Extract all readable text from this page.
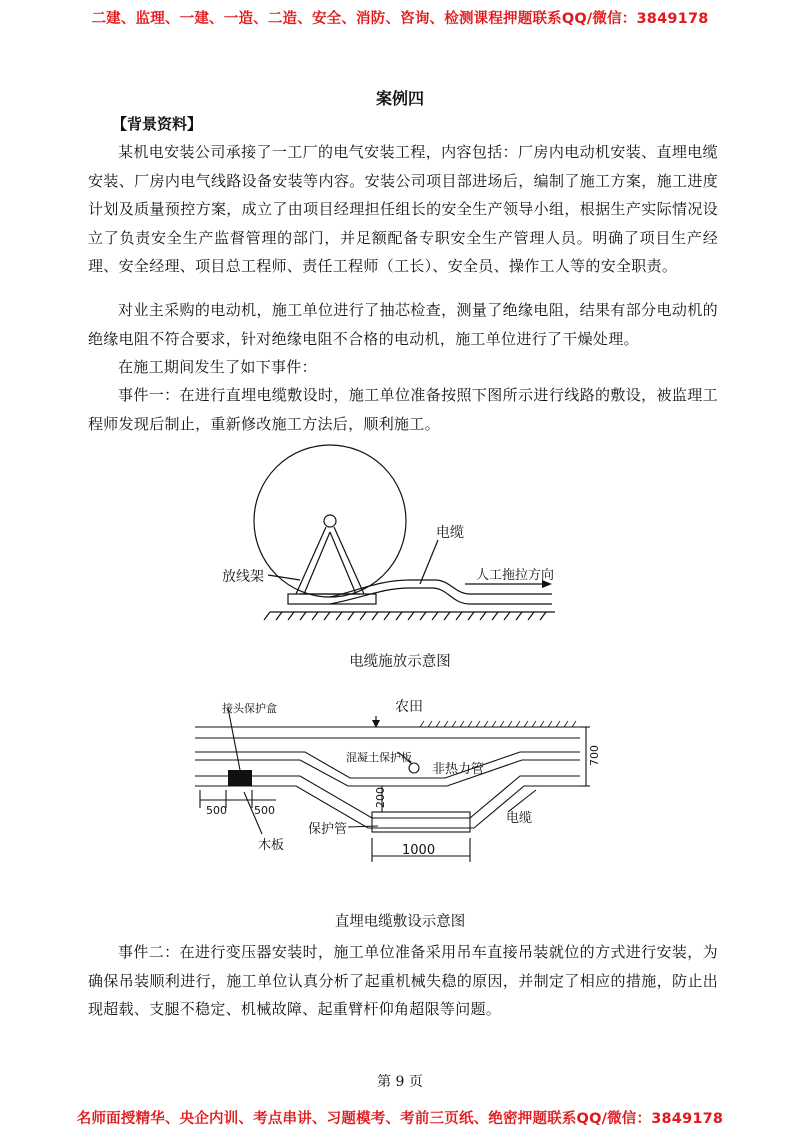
二建、监理、一建、一造、二造、安全、消防、咨询、检测课程押题联系QQ/微信：3849178
案例四
【背景资料】

某机电安装公司承接了一工厂的电气安装工程，内容包括：厂房内电动机安装、直埋电缆安装、厂房内电气线路设备安装等内容。安装公司项目部进场后，编制了施工方案，施工进度计划及质量预控方案，成立了由项目经理担任组长的安全生产领导小组，根据生产实际情况设立了负责安全生产监督管理的部门，并足额配备专职安全生产管理人员。明确了项目生产经理、安全经理、项目总工程师、责任工程师（工长）、安全员、操作工人等的安全职责。

对业主采购的电动机，施工单位进行了抽芯检查，测量了绝缘电阻，结果有部分电动机的绝缘电阻不符合要求，针对绝缘电阻不合格的电动机，施工单位进行了干燥处理。

在施工期间发生了如下事件：

事件一：在进行直埋电缆敷设时，施工单位准备按照下图所示进行线路的敷设，被监理工程师发现后制止，重新修改施工方法后，顺利施工。

放线架
电缆
人工拖拉方向
电缆施放示意图
农田
接头保护盒
混凝土保护板
非热力管
木板
保护管
电缆
500 500
200
1000
700
直埋电缆敷设示意图

事件二：在进行变压器安装时，施工单位准备采用吊车直接吊装就位的方式进行安装，为确保吊装顺利进行，施工单位认真分析了起重机械失稳的原因，并制定了相应的措施，防止出现超载、支腿不稳定、机械故障、起重臂杆仰角超限等问题。

第 9 页
名师面授精华、央企内训、考点串讲、习题模考、考前三页纸、绝密押题联系QQ/微信：3849178
